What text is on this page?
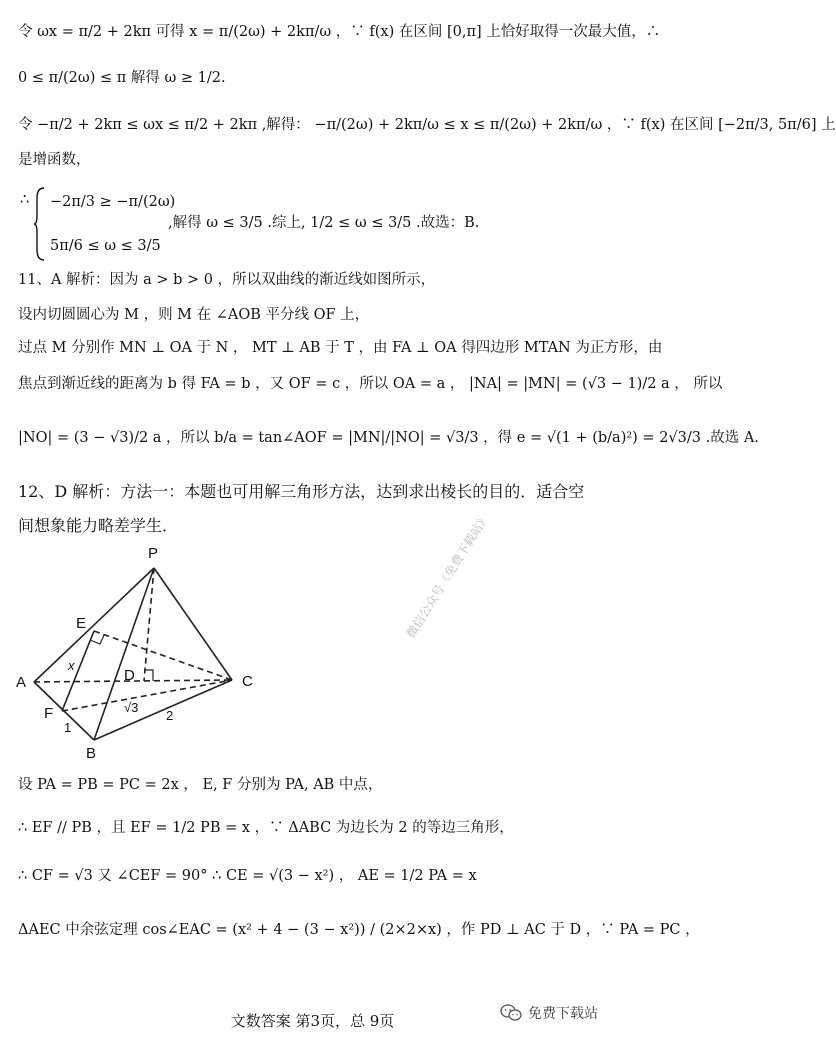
令 ωx = π/2 + 2kπ 可得 x = π/(2ω) + 2kπ/ω ，∵ f(x) 在区间 [0,π] 上恰好取得一次最大值，∴
0 ≤ π/(2ω) ≤ π 解得 ω ≥ 1/2.
令 −π/2 + 2kπ ≤ ωx ≤ π/2 + 2kπ ,解得： −π/(2ω) + 2kπ/ω ≤ x ≤ π/(2ω) + 2kπ/ω ，∵ f(x) 在区间 [−2π/3, 5π/6] 上
是增函数，
∴	−2π/3 ≥ −π/(2ω)
5π/6 ≤ ω ≤ 3/5
,解得 ω ≤ 3/5 .综上, 1/2 ≤ ω ≤ 3/5 .故选：B.
11、A 解析：因为 a > b > 0 ，所以双曲线的渐近线如图所示，
设内切圆圆心为 M ，则 M 在 ∠AOB 平分线 OF 上，
过点 M 分别作 MN ⊥ OA 于 N ， MT ⊥ AB 于 T ，由 FA ⊥ OA 得四边形 MTAN 为正方形，由
焦点到渐近线的距离为 b 得 FA = b ，又 OF = c ，所以 OA = a ， |NA| = |MN| = (√3 − 1)/2 a ， 所以
|NO| = (3 − √3)/2 a ，所以 b/a = tan∠AOF = |MN|/|NO| = √3/3 ，得 e = √(1 + (b/a)²) = 2√3/3 .故选 A.
12、D 解析：方法一：本题也可用解三角形方法，达到求出棱长的目的．适合空
间想象能力略差学生．
P
E
A	D	C
F
B
x
1
√3
2
微信公众号《免费下载站》
设 PA = PB = PC = 2x ， E, F 分别为 PA, AB 中点，
∴ EF // PB ，且 EF = 1/2 PB = x ，∵ ΔABC 为边长为 2 的等边三角形，
∴ CF = √3 又 ∠CEF = 90° ∴ CE = √(3 − x²) ， AE = 1/2 PA = x
ΔAEC 中余弦定理 cos∠EAC = (x² + 4 − (3 − x²)) / (2×2×x) ，作 PD ⊥ AC 于 D ，∵ PA = PC ，
文数答案 第3页，总 9页	免费下载站
